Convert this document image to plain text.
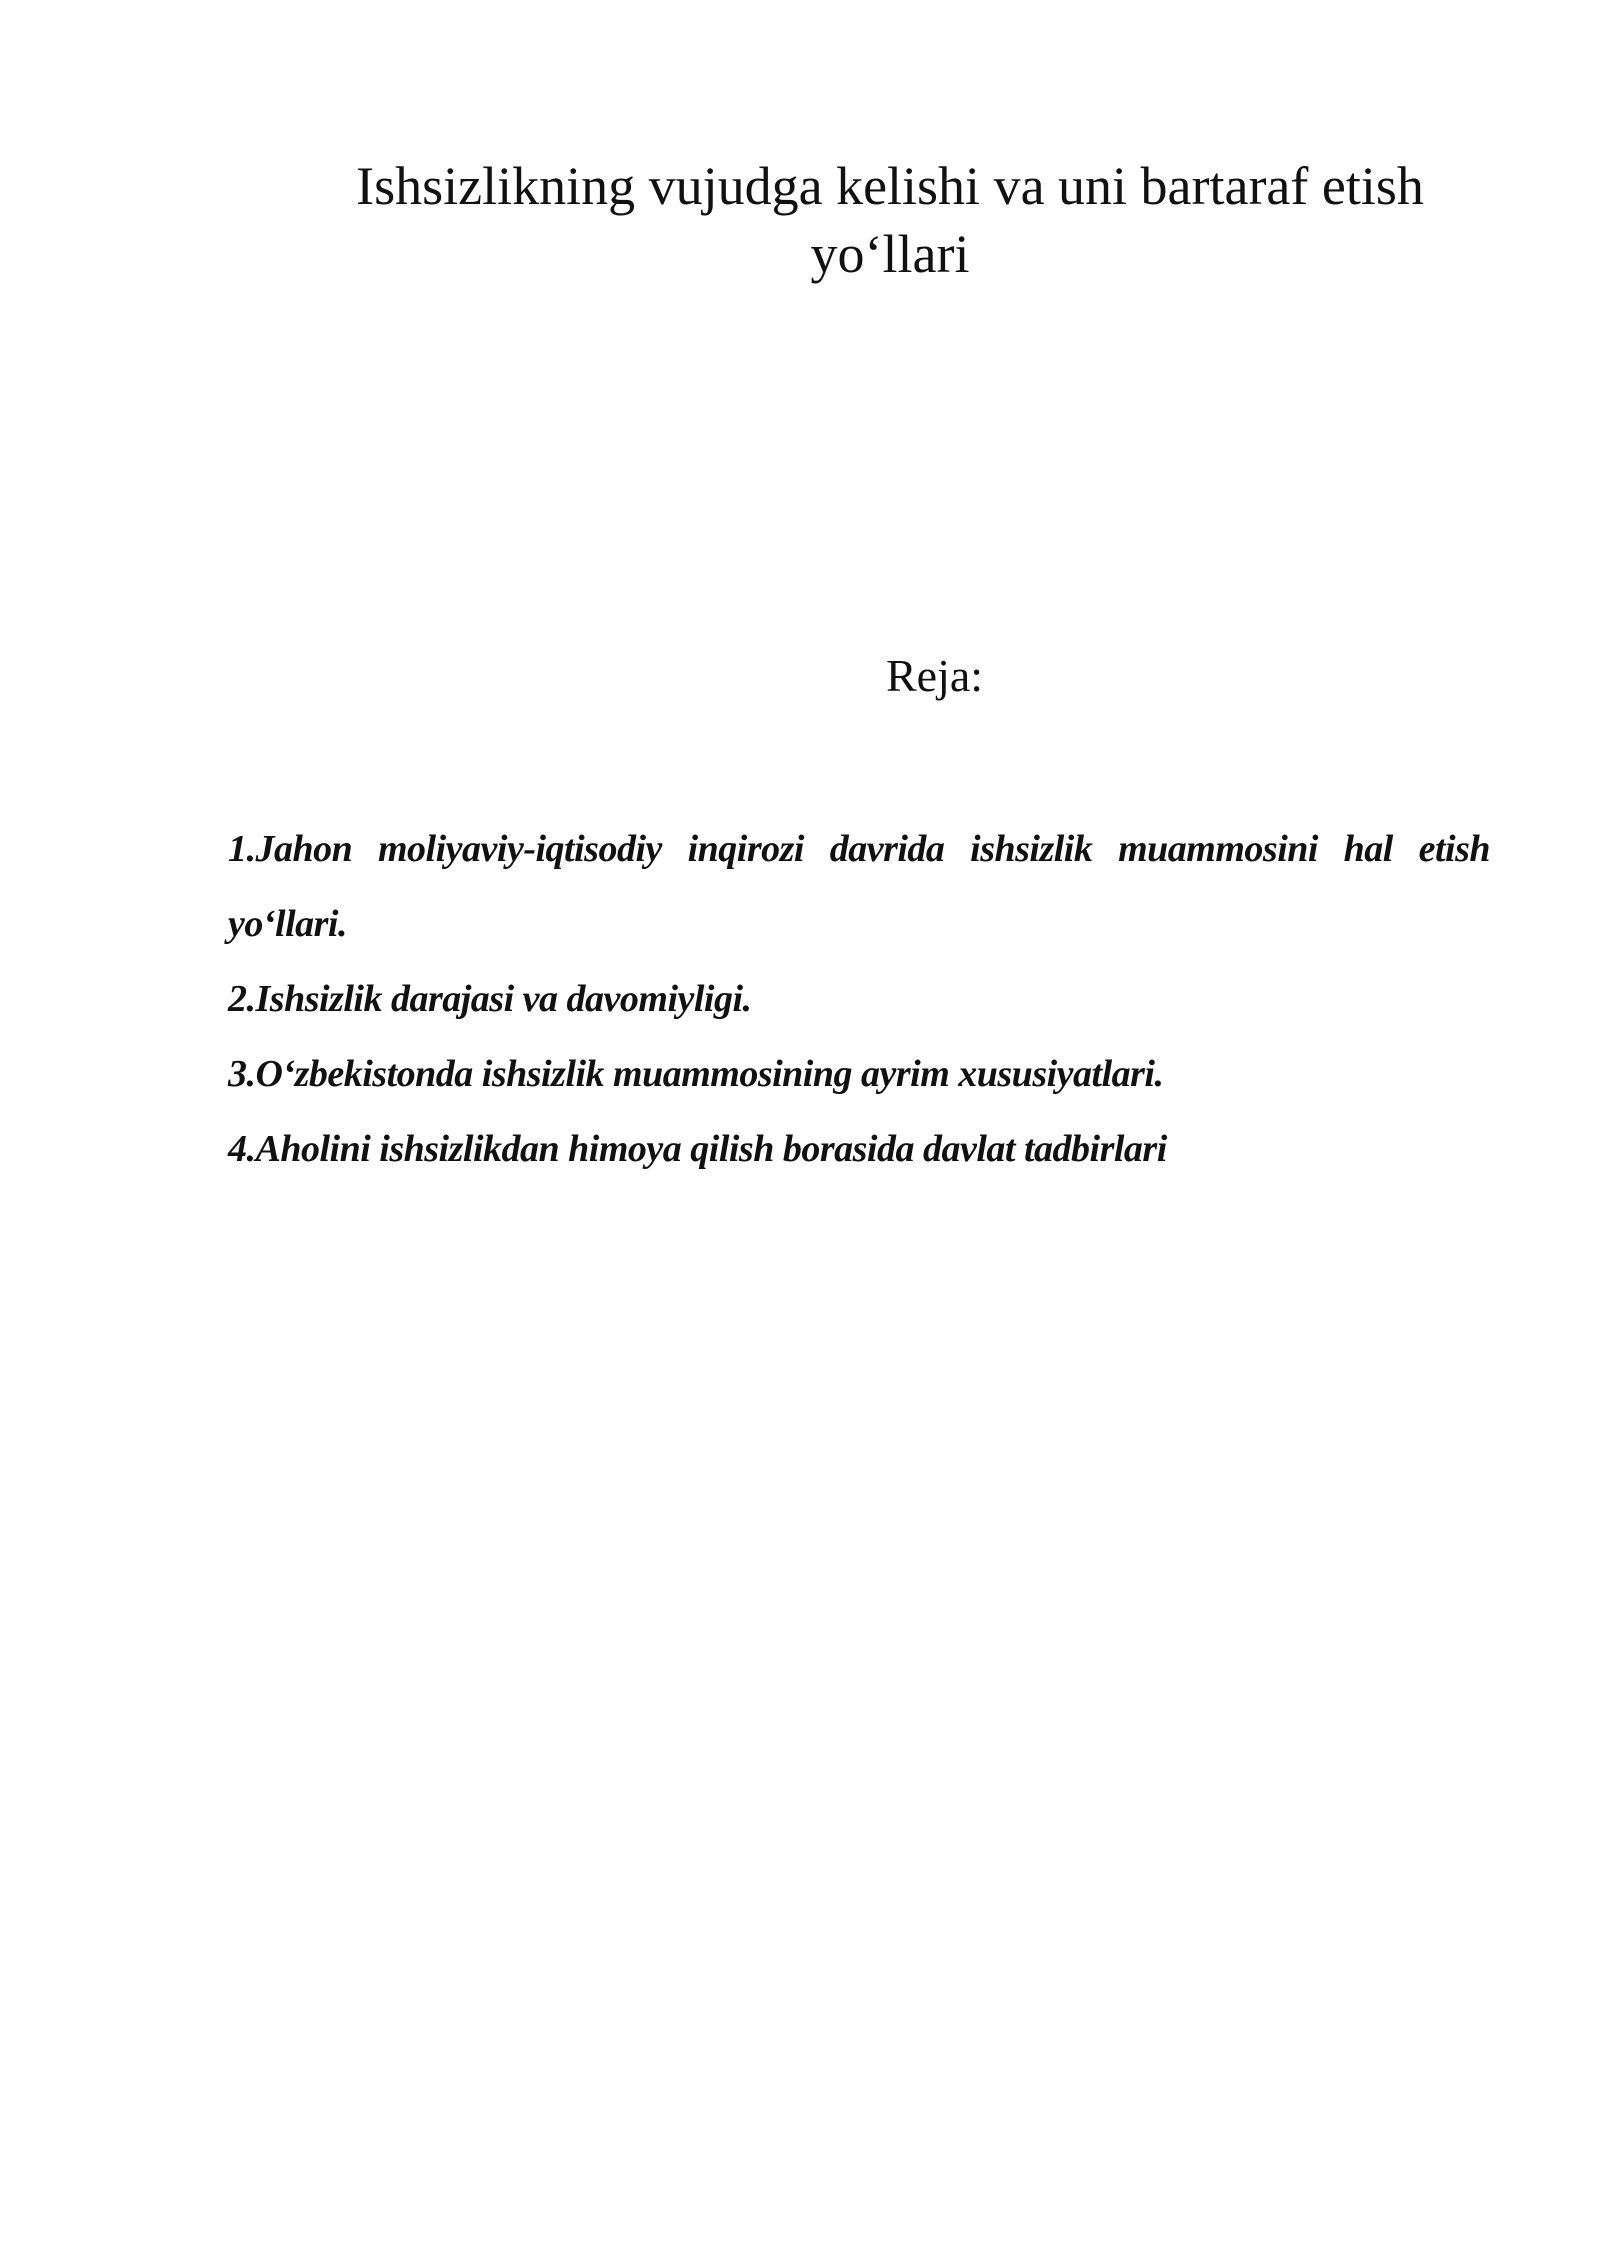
Ishsizlikning vujudga kelishi va uni bartaraf etish yo‘llari
Reja:
1.Jahon moliyaviy-iqtisodiy inqirozi davrida ishsizlik muammosini hal etish yo‘llari.
2.Ishsizlik darajasi va davomiyligi.
3.O‘zbekistonda ishsizlik muammosining ayrim xususiyatlari.
4.Aholini ishsizlikdan himoya qilish borasida davlat tadbirlari
